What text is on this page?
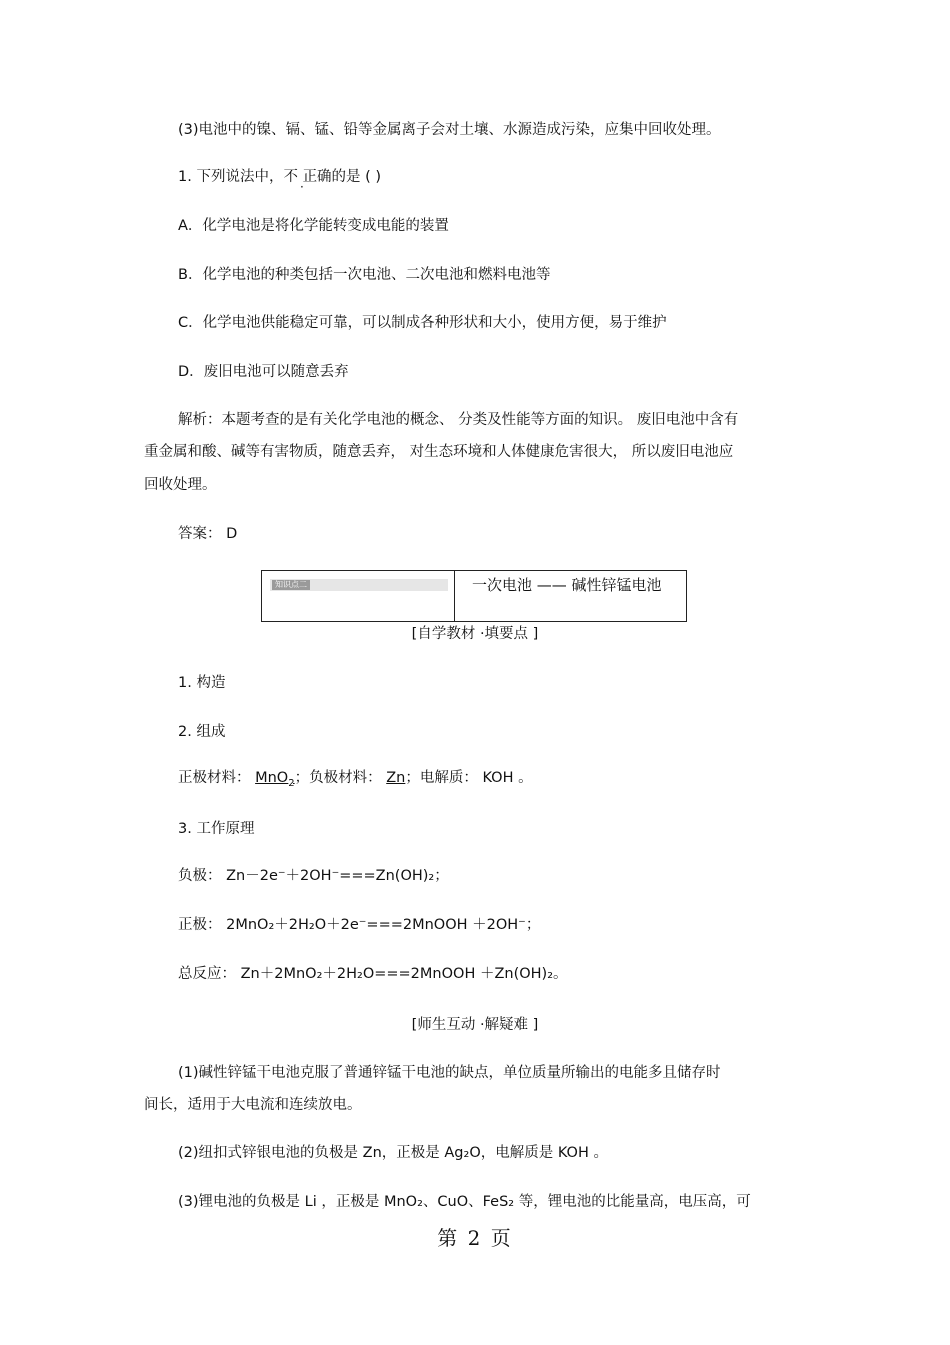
(3)电池中的镍、镉、锰、铅等金属离子会对土壤、水源造成污染，应集中回收处理。
1. 下列说法中，不 · 正确的是 ( )
A．化学电池是将化学能转变成电能的装置
B．化学电池的种类包括一次电池、二次电池和燃料电池等
C．化学电池供能稳定可靠，可以制成各种形状和大小，使用方便，易于维护
D．废旧电池可以随意丢弃
解析：本题考查的是有关化学电池的概念、 分类及性能等方面的知识。 废旧电池中含有
重金属和酸、碱等有害物质，随意丢弃， 对生态环境和人体健康危害很大， 所以废旧电池应
回收处理。
答案： D
知识点二	一次电池 —— 碱性锌锰电池
[自学教材 ·填要点 ]
1. 构造
2. 组成
正极材料： MnO$_2$；负极材料： Zn；电解质： KOH 。
3. 工作原理
负极： Zn－2e⁻＋2OH⁻===Zn(OH)₂；
正极： 2MnO₂＋2H₂O＋2e⁻===2MnOOH ＋2OH⁻；
总反应： Zn＋2MnO₂＋2H₂O===2MnOOH ＋Zn(OH)₂。
[师生互动 ·解疑难 ]
(1)碱性锌锰干电池克服了普通锌锰干电池的缺点，单位质量所输出的电能多且储存时
间长，适用于大电流和连续放电。
(2)纽扣式锌银电池的负极是 Zn，正极是 Ag₂O，电解质是 KOH 。
(3)锂电池的负极是 Li ，正极是 MnO₂、CuO、FeS₂ 等，锂电池的比能量高，电压高，可
第 2 页
